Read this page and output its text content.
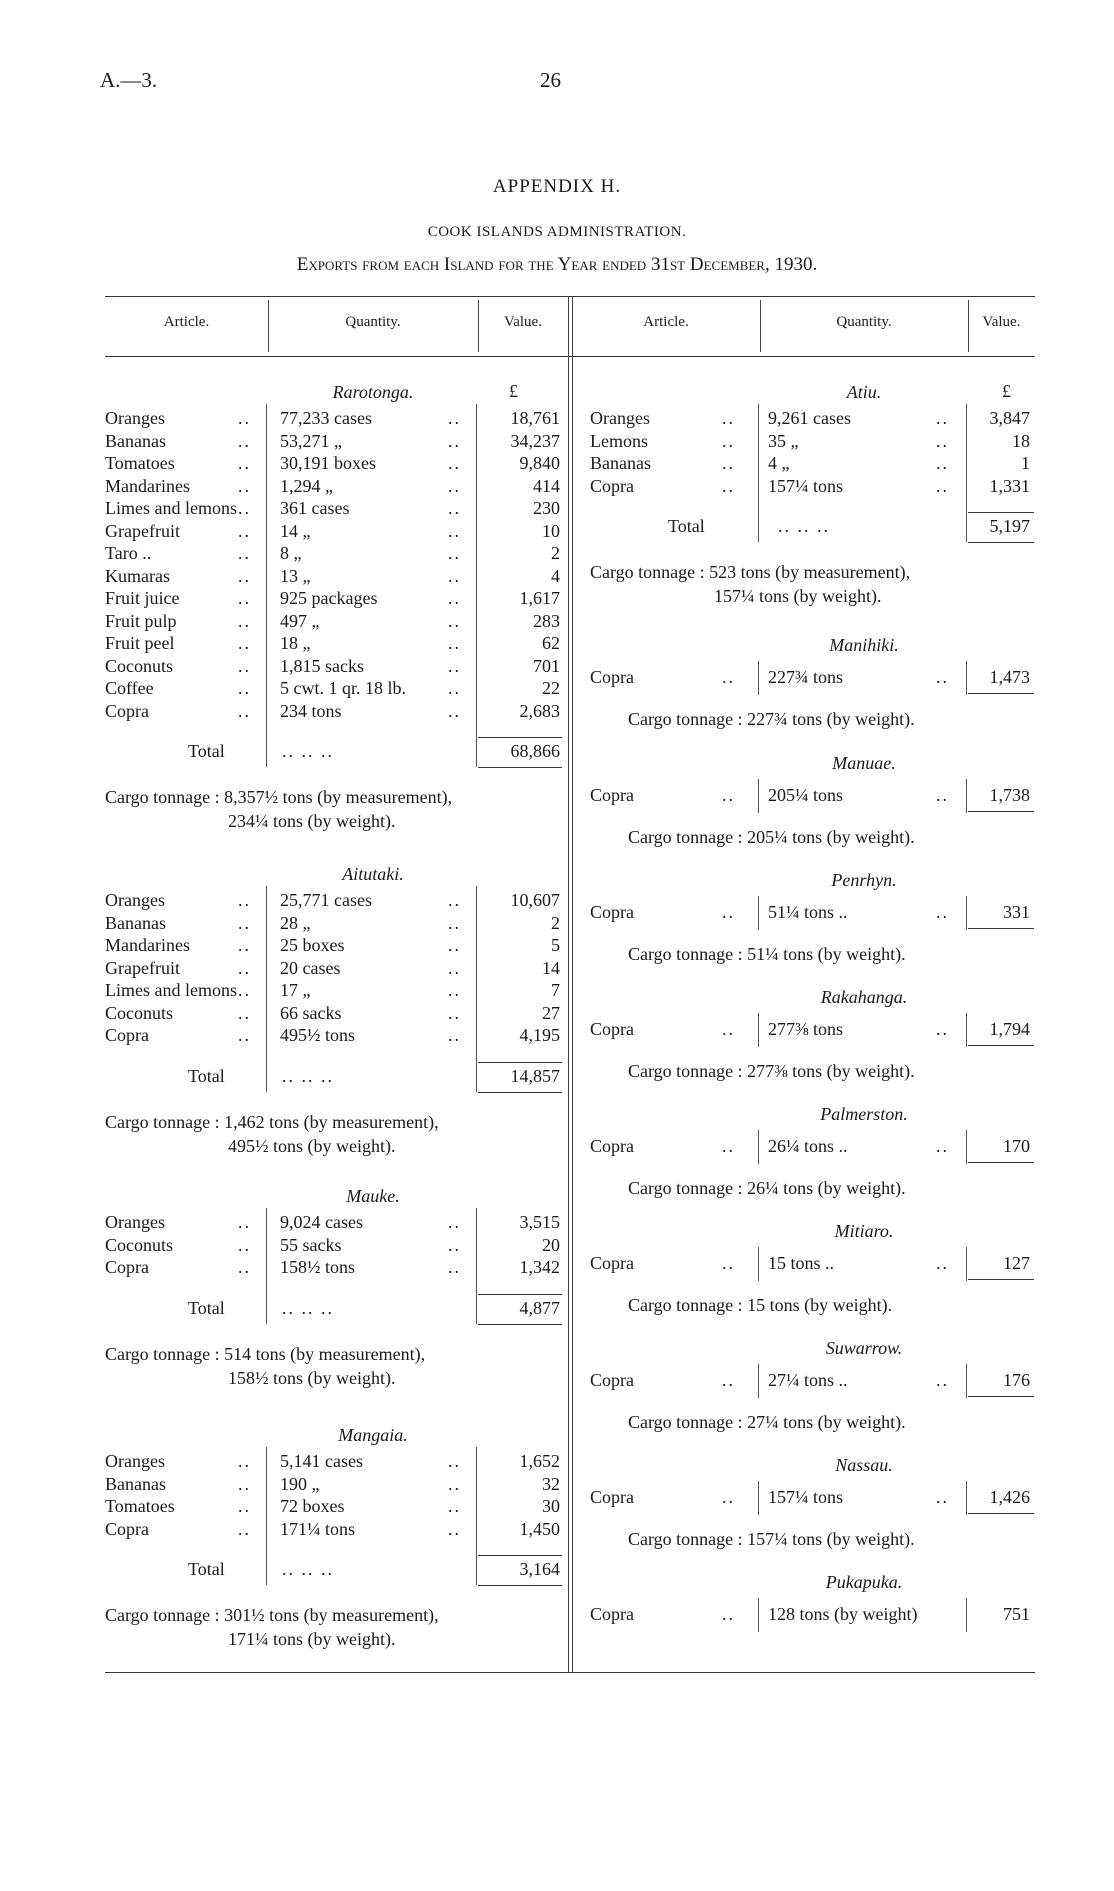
A.—3.	26
APPENDIX H.
COOK ISLANDS ADMINISTRATION.
Exports from each Island for the Year ended 31st December, 1930.
Article.	Quantity.	Value.	Article.	Quantity.	Value.
£	£
Rarotonga.
Oranges	.. 77,233 cases	..	18,761
Bananas	.. 53,271 „	..	34,237
Tomatoes	.. 30,191 boxes	..	9,840
Mandarines	.. 1,294 „	..	414
Limes and lemons .. 361 cases	..	230
Grapefruit	.. 14 „	..	10
Taro ..	.. 8 „	..	2
Kumaras	.. 13 „	..	4
Fruit juice	.. 925 packages	..	1,617
Fruit pulp	.. 497 „	..	283
Fruit peel	.. 18 „	..	62
Coconuts	.. 1,815 sacks	..	701
Coffee	.. 5 cwt. 1 qr. 18 lb. ..	22
Copra	.. 234 tons	..	2,683
Total	.. .. ..	68,866
Cargo tonnage : 8,357½ tons (by measurement),
234¼ tons (by weight).
Aitutaki.
Oranges	.. 25,771 cases	..	10,607
Bananas	.. 28 „	..	2
Mandarines	.. 25 boxes	..	5
Grapefruit	.. 20 cases	..	14
Limes and lemons .. 17 „	..	7
Coconuts	.. 66 sacks	..	27
Copra	.. 495½ tons	..	4,195
Total	.. .. ..	14,857
Cargo tonnage : 1,462 tons (by measurement),
495½ tons (by weight).
Mauke.
Oranges	.. 9,024 cases	..	3,515
Coconuts	.. 55 sacks	..	20
Copra	.. 158½ tons	..	1,342
Total	.. .. ..	4,877
Cargo tonnage : 514 tons (by measurement),
158½ tons (by weight).
Mangaia.
Oranges	.. 5,141 cases	..	1,652
Bananas	.. 190 „	..	32
Tomatoes	.. 72 boxes	..	30
Copra	.. 171¼ tons	..	1,450
Total	.. .. ..	3,164
Cargo tonnage : 301½ tons (by measurement),
171¼ tons (by weight).
Atiu.
Oranges	.. 9,261 cases	..	3,847
Lemons	.. 35 „	..	18
Bananas	.. 4 „	..	1
Copra	.. 157¼ tons	..	1,331
Total	.. .. ..	5,197
Cargo tonnage : 523 tons (by measurement),
157¼ tons (by weight).
Manihiki.
Copra	.. 227¾ tons	..	1,473
Cargo tonnage : 227¾ tons (by weight).
Manuae.
Copra	.. 205¼ tons	..	1,738
Cargo tonnage : 205¼ tons (by weight).
Penrhyn.
Copra	.. 51¼ tons ..	..	331
Cargo tonnage : 51¼ tons (by weight).
Rakahanga.
Copra	.. 277⅜ tons	..	1,794
Cargo tonnage : 277⅜ tons (by weight).
Palmerston.
Copra	.. 26¼ tons ..	..	170
Cargo tonnage : 26¼ tons (by weight).
Mitiaro.
Copra	.. 15 tons ..	..	127
Cargo tonnage : 15 tons (by weight).
Suwarrow.
Copra	.. 27¼ tons ..	..	176
Cargo tonnage : 27¼ tons (by weight).
Nassau.
Copra	.. 157¼ tons	..	1,426
Cargo tonnage : 157¼ tons (by weight).
Pukapuka.
Copra	.. 128 tons (by weight)	751
